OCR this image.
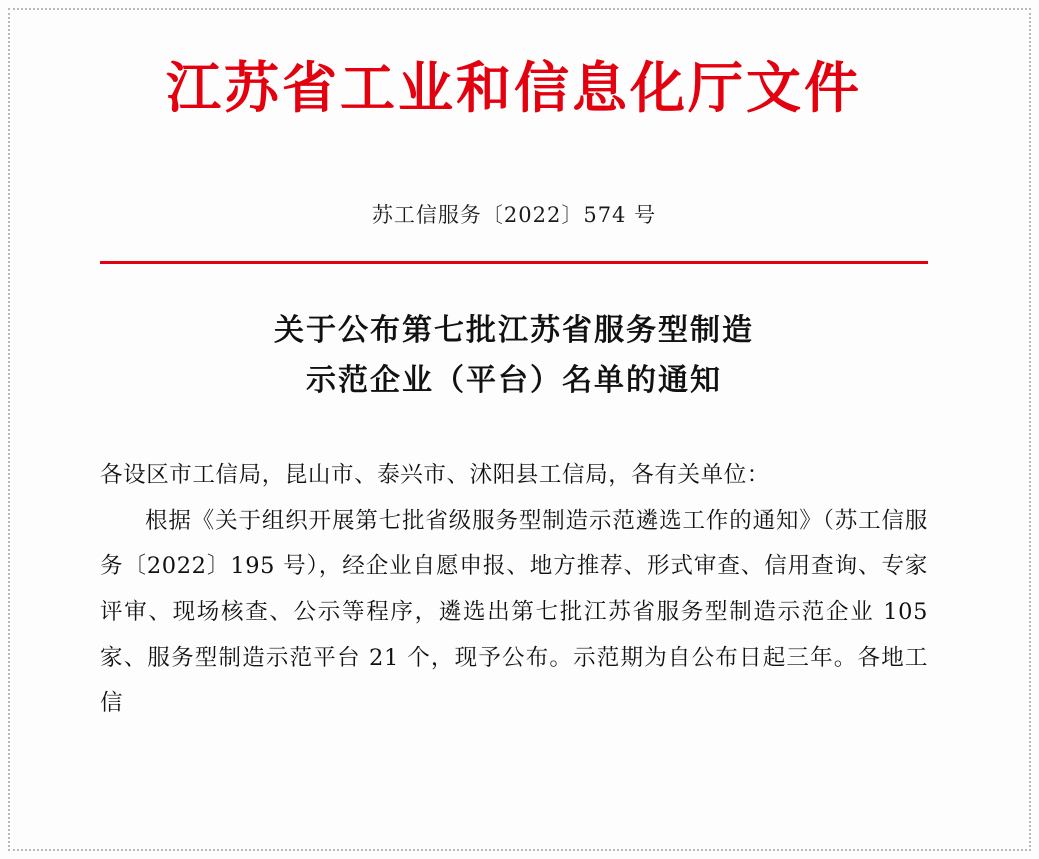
江苏省工业和信息化厅文件
苏工信服务〔2022〕574 号
关于公布第七批江苏省服务型制造
示范企业（平台）名单的通知

各设区市工信局，昆山市、泰兴市、沭阳县工信局，各有关单位：

根据《关于组织开展第七批省级服务型制造示范遴选工作的通知》（苏工信服务〔2022〕195 号），经企业自愿申报、地方推荐、形式审查、信用查询、专家评审、现场核查、公示等程序，遴选出第七批江苏省服务型制造示范企业 105 家、服务型制造示范平台 21 个，现予公布。示范期为自公布日起三年。各地工信
